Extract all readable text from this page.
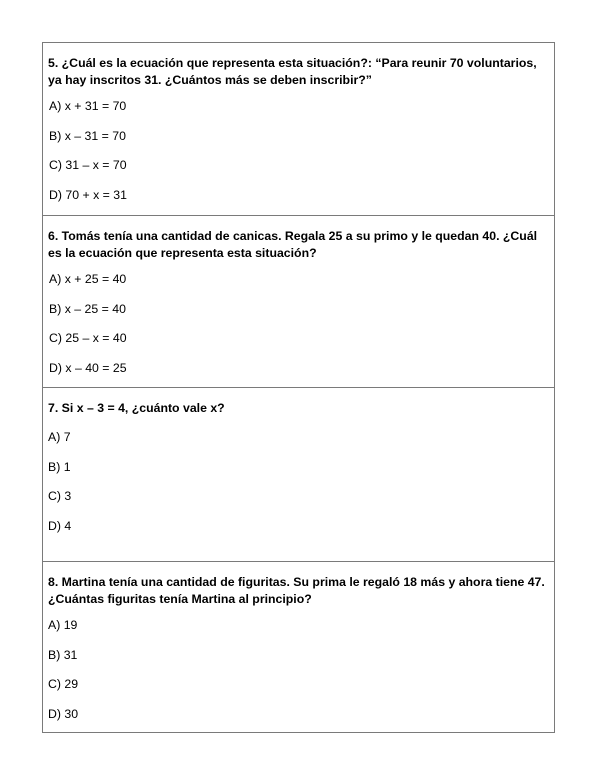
5. ¿Cuál es la ecuación que representa esta situación?: “Para reunir 70 voluntarios, ya hay inscritos 31. ¿Cuántos más se deben inscribir?”

A) x + 31 = 70
B) x – 31 = 70
C) 31 – x = 70
D) 70 + x = 31

6. Tomás tenía una cantidad de canicas. Regala 25 a su primo y le quedan 40. ¿Cuál es la ecuación que representa esta situación?

A) x + 25 = 40
B) x – 25 = 40
C) 25 – x = 40
D) x – 40 = 25

7. Si x – 3 = 4, ¿cuánto vale x?

A) 7
B) 1
C) 3
D) 4

8. Martina tenía una cantidad de figuritas. Su prima le regaló 18 más y ahora tiene 47. ¿Cuántas figuritas tenía Martina al principio?

A) 19
B) 31
C) 29
D) 30
